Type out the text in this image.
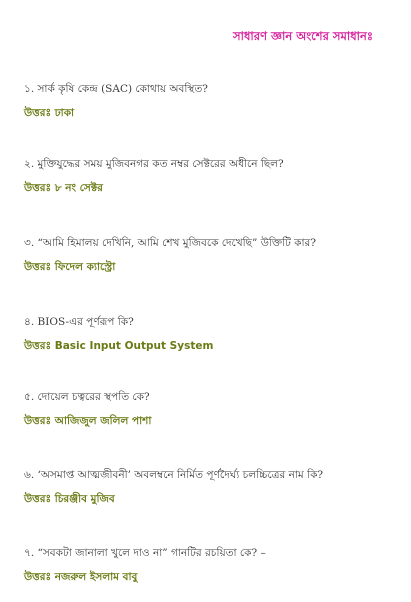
সাধারণ জ্ঞান অংশের সমাধানঃ
১. সার্ক কৃষি কেন্দ্র (SAC) কোথায় অবস্থিত?
উত্তরঃ ঢাকা
২. মুক্তিযুদ্ধের সময় মুজিবনগর কত নম্বর সেক্টরের অধীনে ছিল?
উত্তরঃ ৮ নং সেক্টর
৩. “আমি হিমালয় দেখিনি, আমি শেখ মুজিবকে দেখেছি” উক্তিটি কার?
উত্তরঃ ফিদেল ক্যাস্ট্রো
৪. BIOS-এর পূর্ণরূপ কি?
উত্তরঃ Basic Input Output System
৫. দোয়েল চত্বরের স্থপতি কে?
উত্তরঃ আজিজুল জলিল পাশা
৬. ‘অসমাপ্ত আত্মজীবনী’ অবলম্বনে নির্মিত পূর্ণদৈর্ঘ্য চলচ্চিত্রের নাম কি?
উত্তরঃ চিরঞ্জীব মুজিব
৭. “সবকটা জানালা খুলে দাও না” গানটির রচয়িতা কে? –
উত্তরঃ নজরুল ইসলাম বাবু
